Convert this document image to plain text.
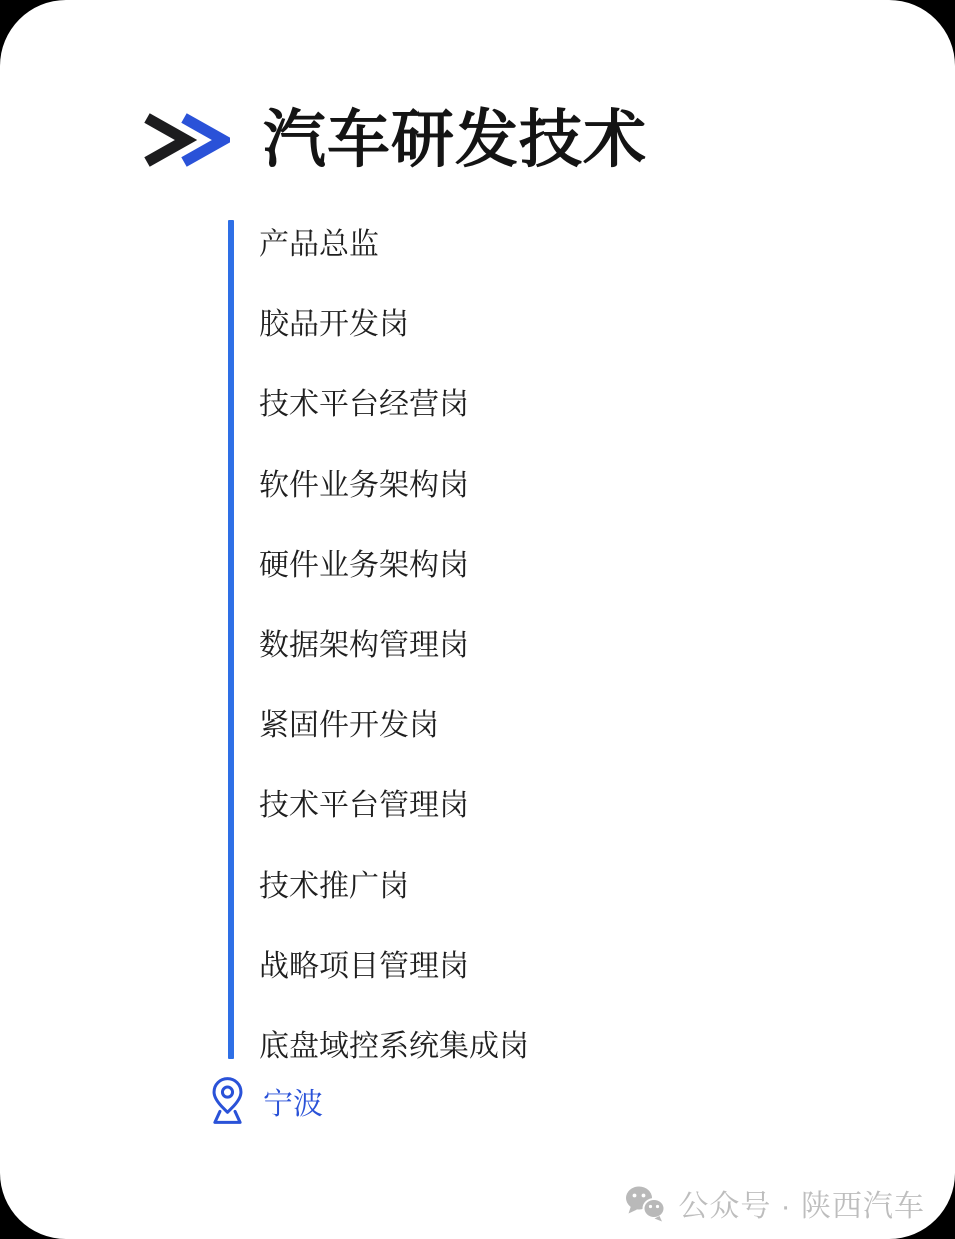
汽车研发技术
产品总监
胶品开发岗
技术平台经营岗
软件业务架构岗
硬件业务架构岗
数据架构管理岗
紧固件开发岗
技术平台管理岗
技术推广岗
战略项目管理岗
底盘域控系统集成岗
宁波
公众号 · 陕西汽车
